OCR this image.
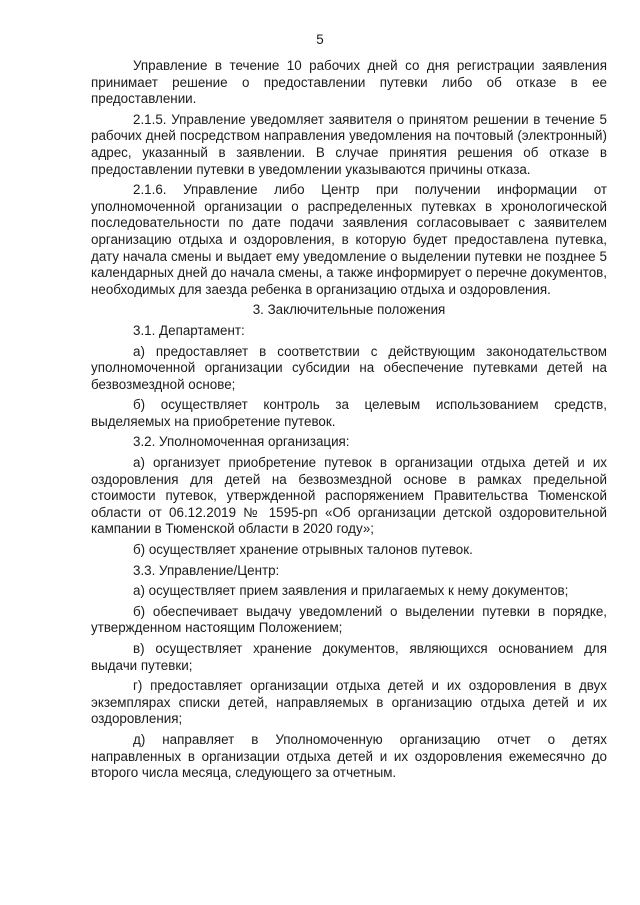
5

Управление в течение 10 рабочих дней со дня регистрации заявления принимает решение о предоставлении путевки либо об отказе в ее предоставлении.

2.1.5. Управление уведомляет заявителя о принятом решении в течение 5 рабочих дней посредством направления уведомления на почтовый (электронный) адрес, указанный в заявлении. В случае принятия решения об отказе в предоставлении путевки в уведомлении указываются причины отказа.

2.1.6. Управление либо Центр при получении информации от уполномоченной организации о распределенных путевках в хронологической последовательности по дате подачи заявления согласовывает с заявителем организацию отдыха и оздоровления, в которую будет предоставлена путевка, дату начала смены и выдает ему уведомление о выделении путевки не позднее 5 календарных дней до начала смены, а также информирует о перечне документов, необходимых для заезда ребенка в организацию отдыха и оздоровления.

3. Заключительные положения

3.1. Департамент:

а) предоставляет в соответствии с действующим законодательством уполномоченной организации субсидии на обеспечение путевками детей на безвозмездной основе;

б) осуществляет контроль за целевым использованием средств, выделяемых на приобретение путевок.

3.2. Уполномоченная организация:

а) организует приобретение путевок в организации отдыха детей и их оздоровления для детей на безвозмездной основе в рамках предельной стоимости путевок, утвержденной распоряжением Правительства Тюменской области от 06.12.2019 № 1595-рп «Об организации детской оздоровительной кампании в Тюменской области в 2020 году»;

б) осуществляет хранение отрывных талонов путевок.

3.3. Управление/Центр:

а) осуществляет прием заявления и прилагаемых к нему документов;

б) обеспечивает выдачу уведомлений о выделении путевки в порядке, утвержденном настоящим Положением;

в) осуществляет хранение документов, являющихся основанием для выдачи путевки;

г) предоставляет организации отдыха детей и их оздоровления в двух экземплярах списки детей, направляемых в организацию отдыха детей и их оздоровления;

д) направляет в Уполномоченную организацию отчет о детях направленных в организации отдыха детей и их оздоровления ежемесячно до второго числа месяца, следующего за отчетным.
